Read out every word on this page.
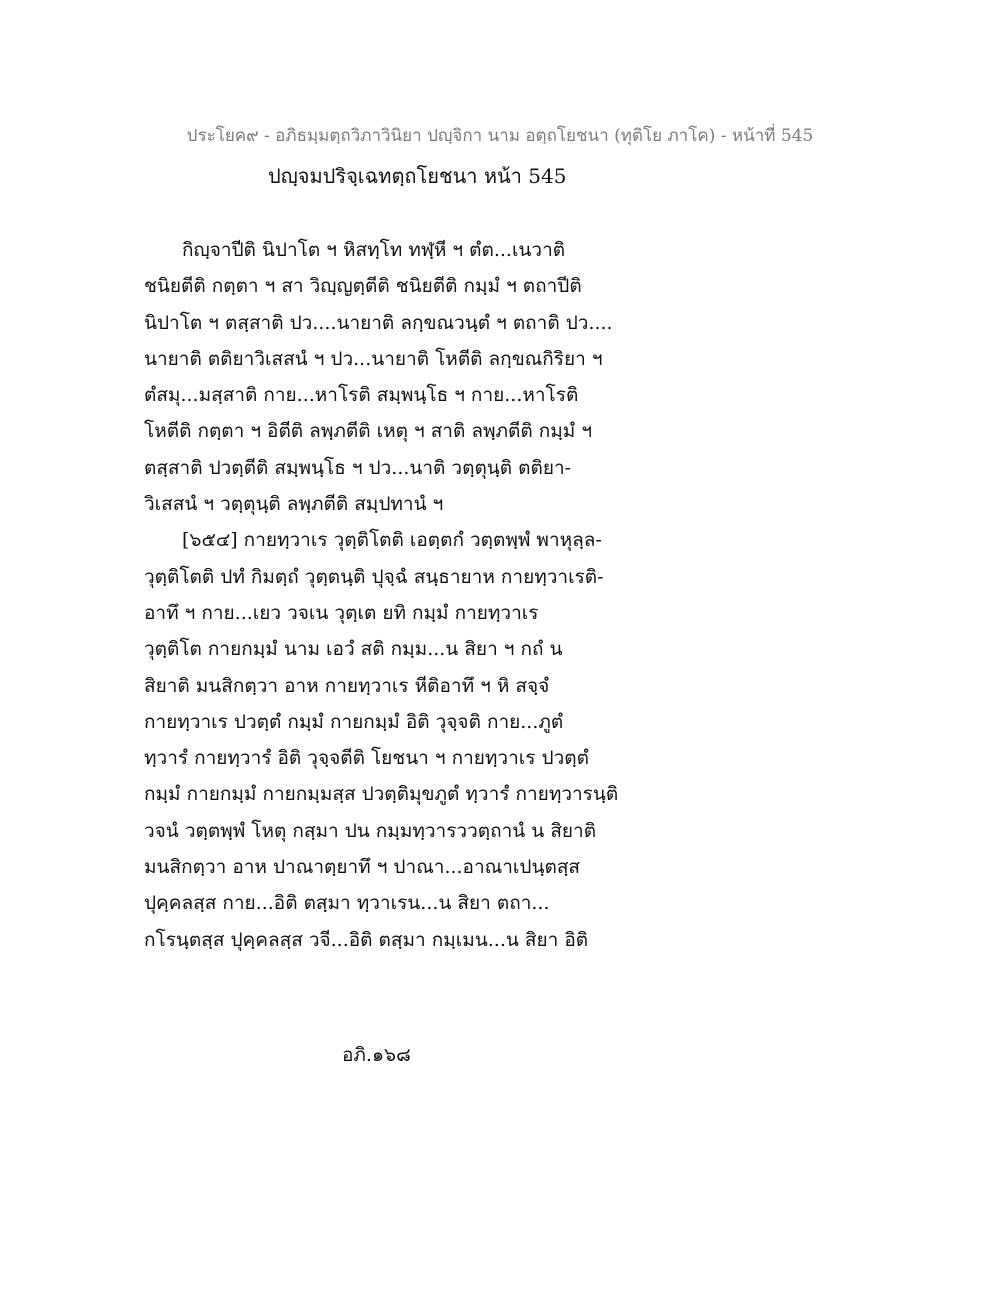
ประโยค๙ - อภิธมฺมตฺถวิภาวินิยา ปญฺจิกา นาม อตฺถโยชนา (ทุติโย ภาโค) - หน้าที่ 545
ปญฺจมปริจฺเฉทตฺถโยชนา หน้า 545
กิญฺจาปีติ นิปาโต ฯ หิสทฺโท ทฬฺหี ฯ ตํต...เนวาติ
ชนิยตีติ กตฺตา ฯ สา วิญฺญตฺตีติ ชนิยตีติ กมฺมํ ฯ ตถาปีติ
นิปาโต ฯ ตสฺสาติ ปว....นายาติ ลกฺขณวนฺตํ ฯ ตถาติ ปว....
นายาติ ตติยาวิเสสนํ ฯ ปว...นายาติ โหตีติ ลกฺขณกิริยา ฯ
ตํสมุ...มสฺสาติ กาย...หาโรติ สมฺพนฺโธ ฯ กาย...หาโรติ
โหตีติ กตฺตา ฯ อิตีติ ลพฺภตีติ เหตุ ฯ สาติ ลพฺภตีติ กมฺมํ ฯ
ตสฺสาติ ปวตฺตีติ สมฺพนฺโธ ฯ ปว...นาติ วตฺตุนฺติ ตติยา-
วิเสสนํ ฯ วตฺตุนฺติ ลพฺภตีติ สมฺปทานํ ฯ
[๖๕๔] กายทฺวาเร วุตฺติโตติ เอตฺตกํ วตฺตพฺพํ พาหุลฺล-
วุตฺติโตติ ปทํ กิมตฺถํ วุตฺตนฺติ ปุจฺฉํ สนฺธายาห กายทฺวาเรติ-
อาทึ ฯ กาย...เยว วจเน วุตฺเต ยทิ กมฺมํ กายทฺวาเร
วุตฺติโต กายกมฺมํ นาม เอวํ สติ กมฺม...น สิยา ฯ กถํ น
สิยาติ มนสิกตฺวา อาห กายทฺวาเร หีติอาทึ ฯ หิ สจฺจํ
กายทฺวาเร ปวตฺตํ กมฺมํ กายกมฺมํ อิติ วุจฺจติ กาย...ภูตํ
ทฺวารํ กายทฺวารํ อิติ วุจฺจตีติ โยชนา ฯ กายทฺวาเร ปวตฺตํ
กมฺมํ กายกมฺมํ กายกมฺมสฺส ปวตฺติมุขภูตํ ทฺวารํ กายทฺวารนฺติ
วจนํ วตฺตพฺพํ โหตุ กสฺมา ปน กมฺมทฺวารววตฺถานํ น สิยาติ
มนสิกตฺวา อาห ปาณาตฺยาทึ ฯ ปาณา...อาณาเปนฺตสฺส
ปุคฺคลสฺส กาย...อิติ ตสฺมา ทฺวาเรน...น สิยา ตถา...
กโรนฺตสฺส ปุคฺคลสฺส วจี...อิติ ตสฺมา กมฺเมน...น สิยา อิติ
อภิ.๑๖๘
